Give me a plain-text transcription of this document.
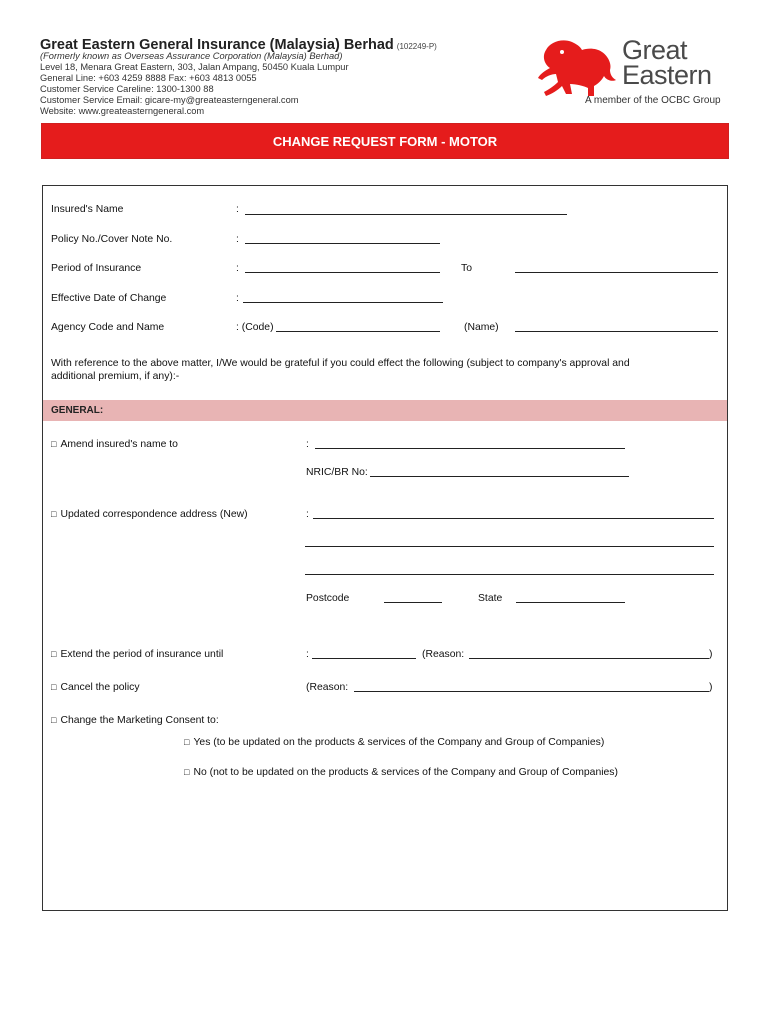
Great Eastern General Insurance (Malaysia) Berhad (102249-P)
(Formerly known as Overseas Assurance Corporation (Malaysia) Berhad)
Level 18, Menara Great Eastern, 303, Jalan Ampang, 50450 Kuala Lumpur
General Line: +603 4259 8888 Fax: +603 4813 0055
Customer Service Careline: 1300-1300 88
Customer Service Email: gicare-my@greateasterngeneral.com
Website: www.greateasterngeneral.com
Great
Eastern
A member of the OCBC Group
CHANGE REQUEST FORM - MOTOR
Insured's Name	:
Policy No./Cover Note No.	:
Period of Insurance	:	To
Effective Date of Change	:
Agency Code and Name	: (Code)	(Name)
With reference to the above matter, I/We would be grateful if you could effect the following (subject to company's approval and additional premium, if any):-
GENERAL:
□ Amend insured's name to	:
NRIC/BR No:
□ Updated correspondence address (New)	:
Postcode	State
□ Extend the period of insurance until	:	(Reason:	)
□ Cancel the policy	(Reason:	)
□ Change the Marketing Consent to:
□ Yes (to be updated on the products & services of the Company and Group of Companies)
□ No (not to be updated on the products & services of the Company and Group of Companies)
